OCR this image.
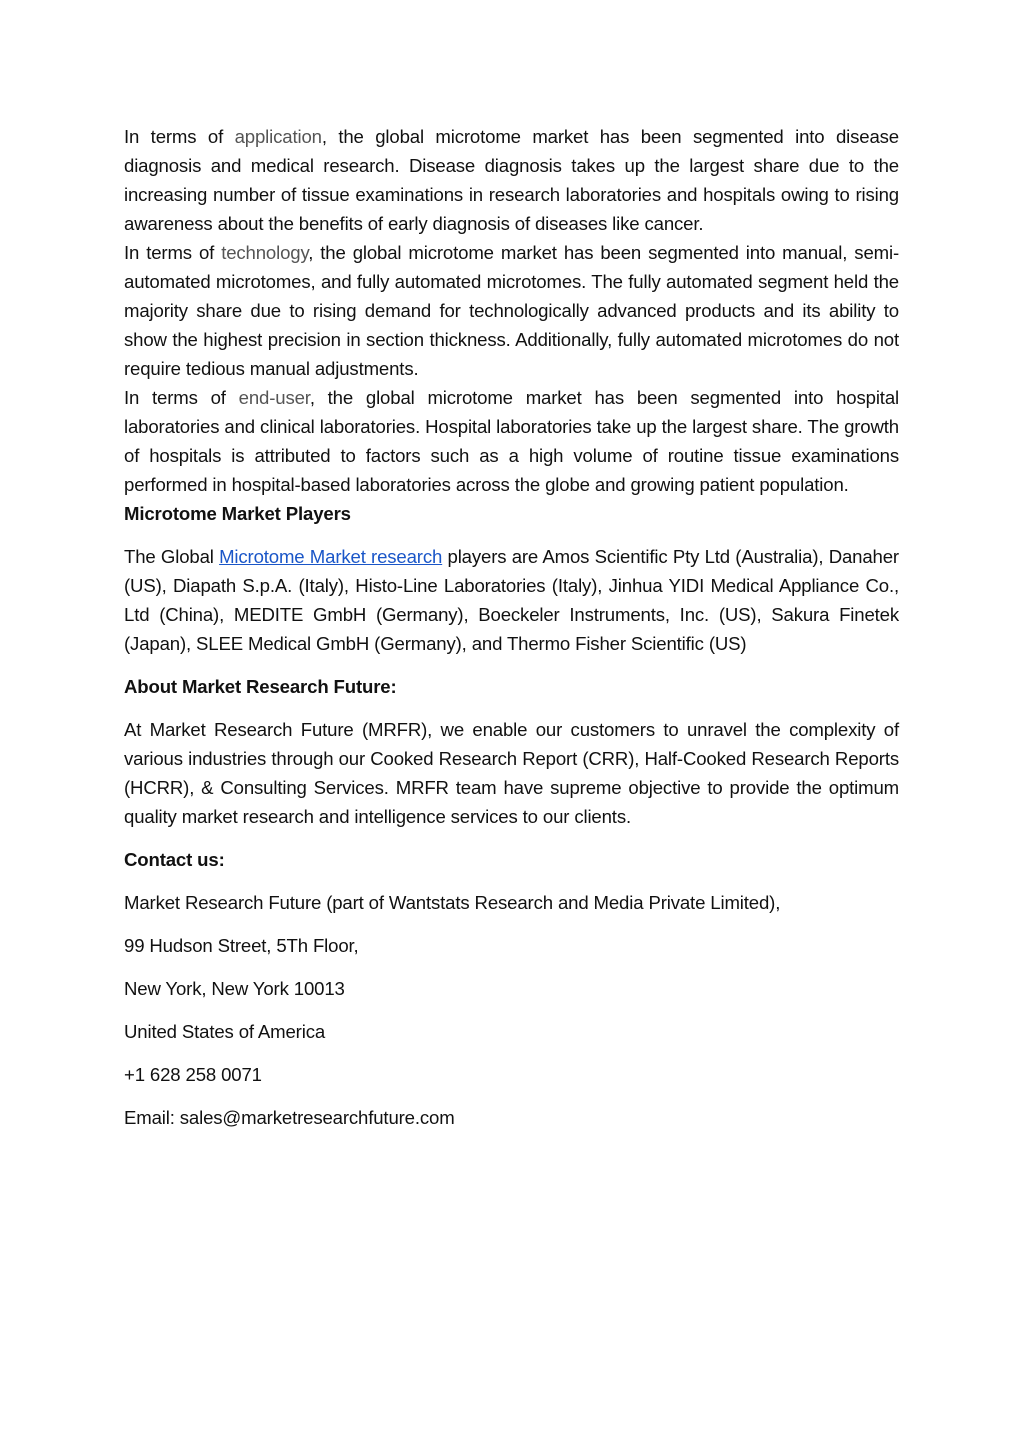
In terms of application, the global microtome market has been segmented into disease diagnosis and medical research. Disease diagnosis takes up the largest share due to the increasing number of tissue examinations in research laboratories and hospitals owing to rising awareness about the benefits of early diagnosis of diseases like cancer.

In terms of technology, the global microtome market has been segmented into manual, semi-automated microtomes, and fully automated microtomes. The fully automated segment held the majority share due to rising demand for technologically advanced products and its ability to show the highest precision in section thickness. Additionally, fully automated microtomes do not require tedious manual adjustments.

In terms of end-user, the global microtome market has been segmented into hospital laboratories and clinical laboratories. Hospital laboratories take up the largest share. The growth of hospitals is attributed to factors such as a high volume of routine tissue examinations performed in hospital-based laboratories across the globe and growing patient population.

Microtome Market Players

The Global Microtome Market research players are Amos Scientific Pty Ltd (Australia), Danaher (US), Diapath S.p.A. (Italy), Histo-Line Laboratories (Italy), Jinhua YIDI Medical Appliance Co., Ltd (China), MEDITE GmbH (Germany), Boeckeler Instruments, Inc. (US), Sakura Finetek (Japan), SLEE Medical GmbH (Germany), and Thermo Fisher Scientific (US)

About Market Research Future:

At Market Research Future (MRFR), we enable our customers to unravel the complexity of various industries through our Cooked Research Report (CRR), Half-Cooked Research Reports (HCRR), & Consulting Services. MRFR team have supreme objective to provide the optimum quality market research and intelligence services to our clients.

Contact us:

Market Research Future (part of Wantstats Research and Media Private Limited),

99 Hudson Street, 5Th Floor,

New York, New York 10013

United States of America

+1 628 258 0071

Email: sales@marketresearchfuture.com
